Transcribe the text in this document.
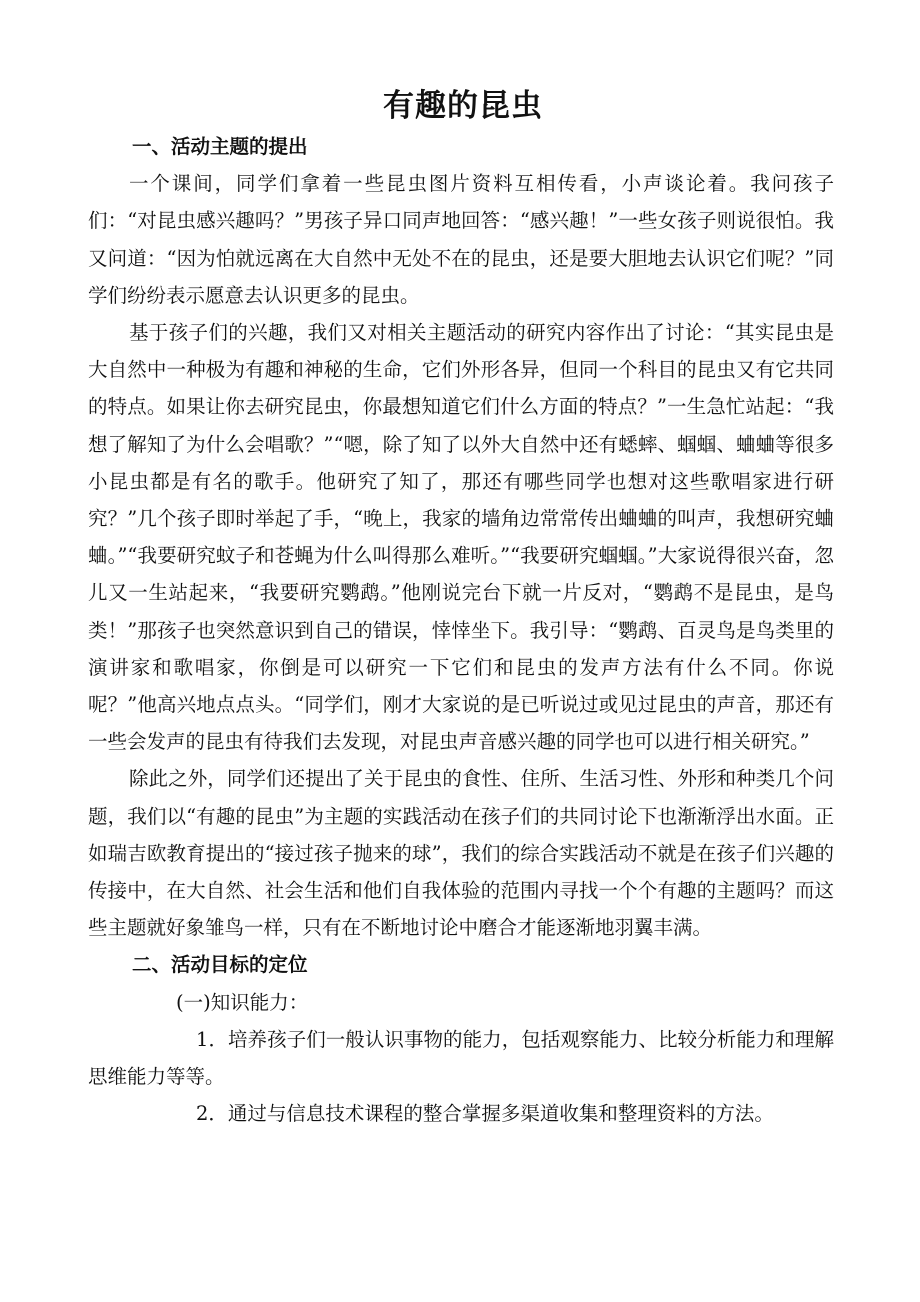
有趣的昆虫

一、活动主题的提出

一个课间，同学们拿着一些昆虫图片资料互相传看，小声谈论着。我问孩子们：“对昆虫感兴趣吗？”男孩子异口同声地回答：“感兴趣！”一些女孩子则说很怕。我又问道：“因为怕就远离在大自然中无处不在的昆虫，还是要大胆地去认识它们呢？”同学们纷纷表示愿意去认识更多的昆虫。

基于孩子们的兴趣，我们又对相关主题活动的研究内容作出了讨论：“其实昆虫是大自然中一种极为有趣和神秘的生命，它们外形各异，但同一个科目的昆虫又有它共同的特点。如果让你去研究昆虫，你最想知道它们什么方面的特点？”一生急忙站起：“我想了解知了为什么会唱歌？”“嗯，除了知了以外大自然中还有蟋蟀、蝈蝈、蛐蛐等很多小昆虫都是有名的歌手。他研究了知了，那还有哪些同学也想对这些歌唱家进行研究？”几个孩子即时举起了手，“晚上，我家的墙角边常常传出蛐蛐的叫声，我想研究蛐蛐。”“我要研究蚊子和苍蝇为什么叫得那么难听。”“我要研究蝈蝈。”大家说得很兴奋，忽儿又一生站起来，“我要研究鹦鹉。”他刚说完台下就一片反对，“鹦鹉不是昆虫，是鸟类！”那孩子也突然意识到自己的错误，悻悻坐下。我引导：“鹦鹉、百灵鸟是鸟类里的演讲家和歌唱家，你倒是可以研究一下它们和昆虫的发声方法有什么不同。你说呢？”他高兴地点点头。“同学们，刚才大家说的是已听说过或见过昆虫的声音，那还有一些会发声的昆虫有待我们去发现，对昆虫声音感兴趣的同学也可以进行相关研究。”

除此之外，同学们还提出了关于昆虫的食性、住所、生活习性、外形和种类几个问题，我们以“有趣的昆虫”为主题的实践活动在孩子们的共同讨论下也渐渐浮出水面。正如瑞吉欧教育提出的“接过孩子抛来的球”，我们的综合实践活动不就是在孩子们兴趣的传接中，在大自然、社会生活和他们自我体验的范围内寻找一个个有趣的主题吗？而这些主题就好象雏鸟一样，只有在不断地讨论中磨合才能逐渐地羽翼丰满。

二、活动目标的定位

(一)知识能力：

1．培养孩子们一般认识事物的能力，包括观察能力、比较分析能力和理解思维能力等等。

2．通过与信息技术课程的整合掌握多渠道收集和整理资料的方法。
